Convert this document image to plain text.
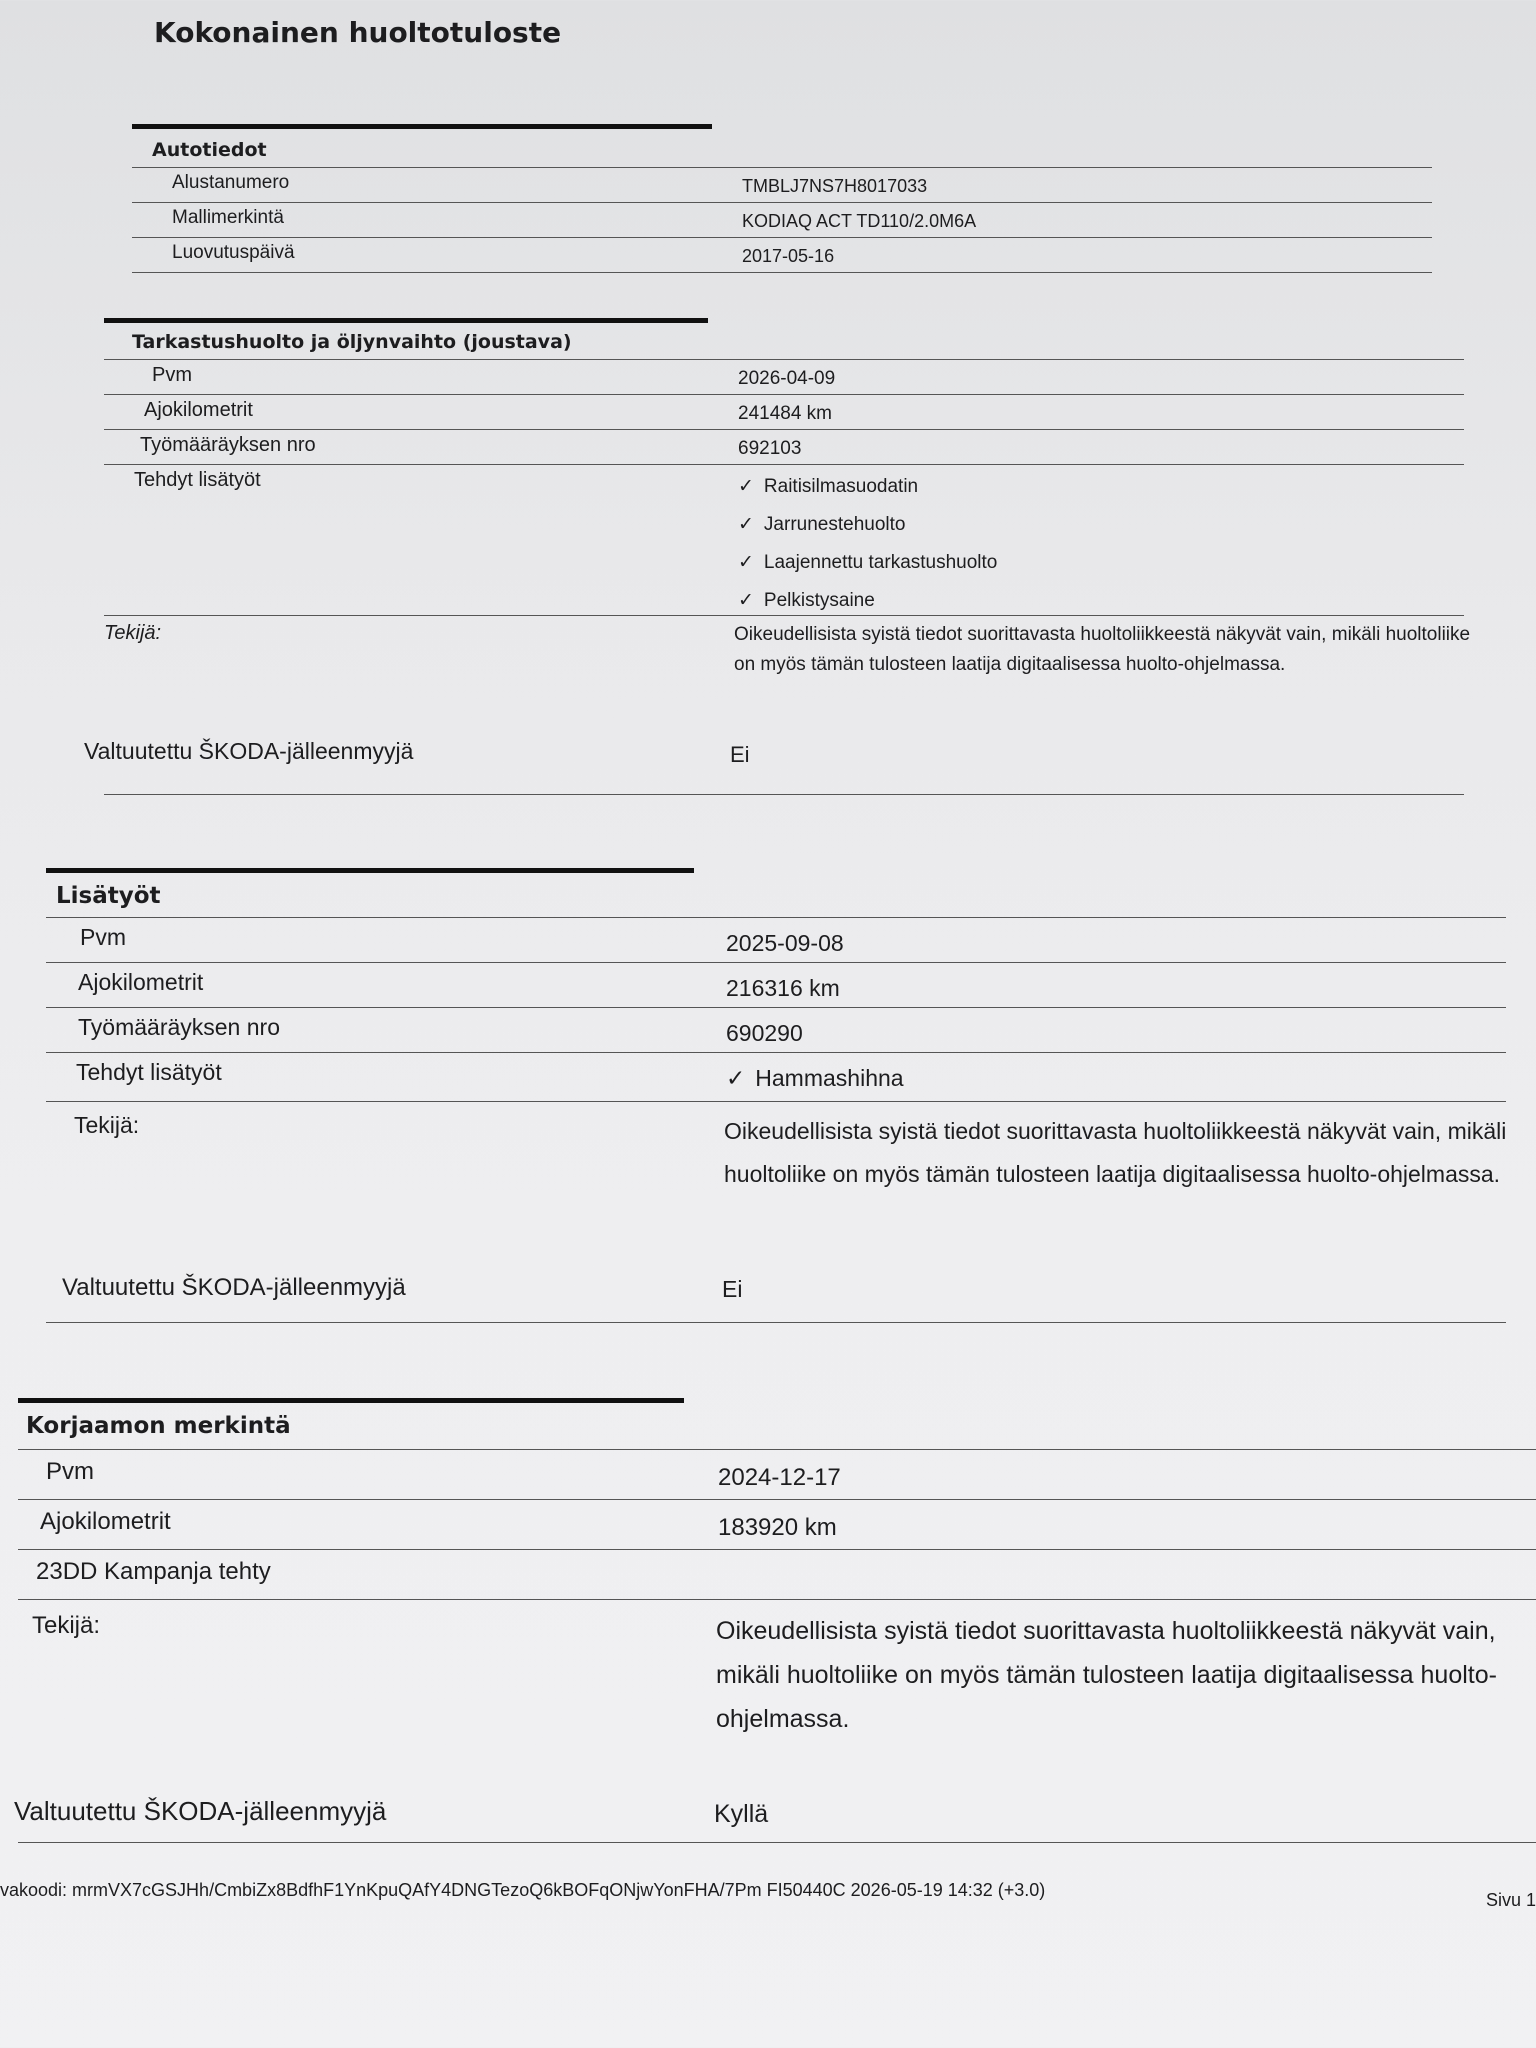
Kokonainen huoltotuloste
Autotiedot
Alustanumero	TMBLJ7NS7H8017033
Mallimerkintä	KODIAQ ACT TD110/2.0M6A
Luovutuspäivä	2017-05-16
Tarkastushuolto ja öljynvaihto (joustava)
Pvm	2026-04-09
Ajokilometrit	241484 km
Työmääräyksen nro	692103
Tehdyt lisätyöt	✓ Raitisilmasuodatin
✓ Jarrunestehuolto
✓ Laajennettu tarkastushuolto
✓ Pelkistysaine
Tekijä:	Oikeudellisista syistä tiedot suorittavasta huoltoliikkeestä näkyvät vain, mikäli huoltoliike on myös tämän tulosteen laatija digitaalisessa huolto-ohjelmassa.
Valtuutettu ŠKODA-jälleenmyyjä	Ei
Lisätyöt
Pvm	2025-09-08
Ajokilometrit	216316 km
Työmääräyksen nro	690290
Tehdyt lisätyöt	✓ Hammashihna
Tekijä:	Oikeudellisista syistä tiedot suorittavasta huoltoliikkeestä näkyvät vain, mikäli huoltoliike on myös tämän tulosteen laatija digitaalisessa huolto-ohjelmassa.
Valtuutettu ŠKODA-jälleenmyyjä	Ei
Korjaamon merkintä
Pvm	2024-12-17
Ajokilometrit	183920 km
23DD Kampanja tehty
Tekijä:	Oikeudellisista syistä tiedot suorittavasta huoltoliikkeestä näkyvät vain, mikäli huoltoliike on myös tämän tulosteen laatija digitaalisessa huolto-ohjelmassa.
Valtuutettu ŠKODA-jälleenmyyjä	Kyllä
vakoodi: mrmVX7cGSJHh/CmbiZx8BdfhF1YnKpuQAfY4DNGTezoQ6kBOFqONjwYonFHA/7Pm FI50440C 2026-05-19 14:32 (+3.0)	Sivu 1
